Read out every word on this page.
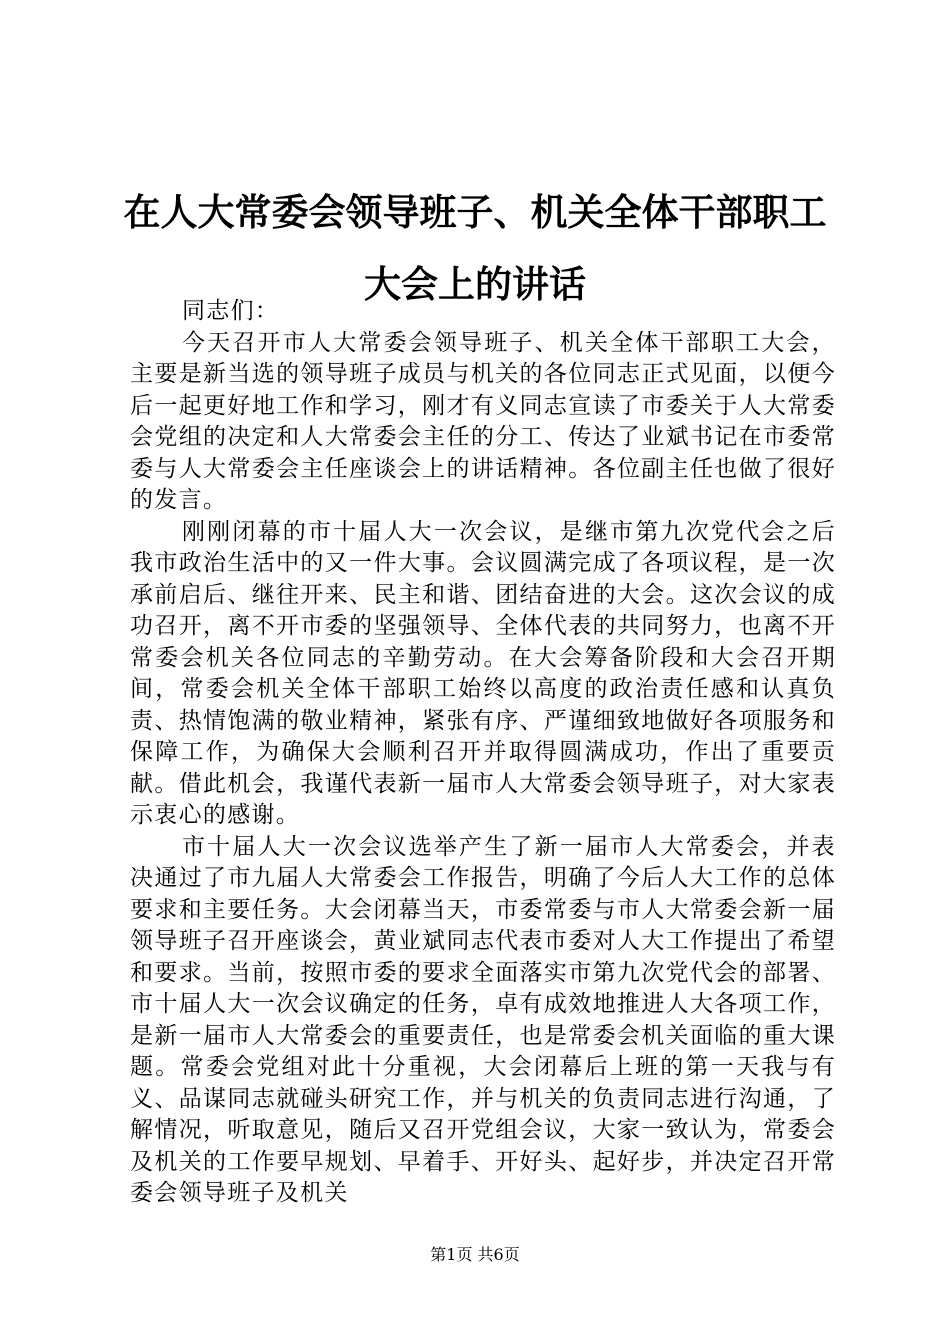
在人大常委会领导班子、机关全体干部职工大会上的讲话

同志们：

今天召开市人大常委会领导班子、机关全体干部职工大会，主要是新当选的领导班子成员与机关的各位同志正式见面，以便今后一起更好地工作和学习，刚才有义同志宣读了市委关于人大常委会党组的决定和人大常委会主任的分工、传达了业斌书记在市委常委与人大常委会主任座谈会上的讲话精神。各位副主任也做了很好的发言。

刚刚闭幕的市十届人大一次会议，是继市第九次党代会之后我市政治生活中的又一件大事。会议圆满完成了各项议程，是一次承前启后、继往开来、民主和谐、团结奋进的大会。这次会议的成功召开，离不开市委的坚强领导、全体代表的共同努力，也离不开常委会机关各位同志的辛勤劳动。在大会筹备阶段和大会召开期间，常委会机关全体干部职工始终以高度的政治责任感和认真负责、热情饱满的敬业精神，紧张有序、严谨细致地做好各项服务和保障工作，为确保大会顺利召开并取得圆满成功，作出了重要贡献。借此机会，我谨代表新一届市人大常委会领导班子，对大家表示衷心的感谢。

市十届人大一次会议选举产生了新一届市人大常委会，并表决通过了市九届人大常委会工作报告，明确了今后人大工作的总体要求和主要任务。大会闭幕当天，市委常委与市人大常委会新一届领导班子召开座谈会，黄业斌同志代表市委对人大工作提出了希望和要求。当前，按照市委的要求全面落实市第九次党代会的部署、市十届人大一次会议确定的任务，卓有成效地推进人大各项工作，是新一届市人大常委会的重要责任，也是常委会机关面临的重大课题。常委会党组对此十分重视，大会闭幕后上班的第一天我与有义、品谋同志就碰头研究工作，并与机关的负责同志进行沟通，了解情况，听取意见，随后又召开党组会议，大家一致认为，常委会及机关的工作要早规划、早着手、开好头、起好步，并决定召开常委会领导班子及机关

第1页 共6页
